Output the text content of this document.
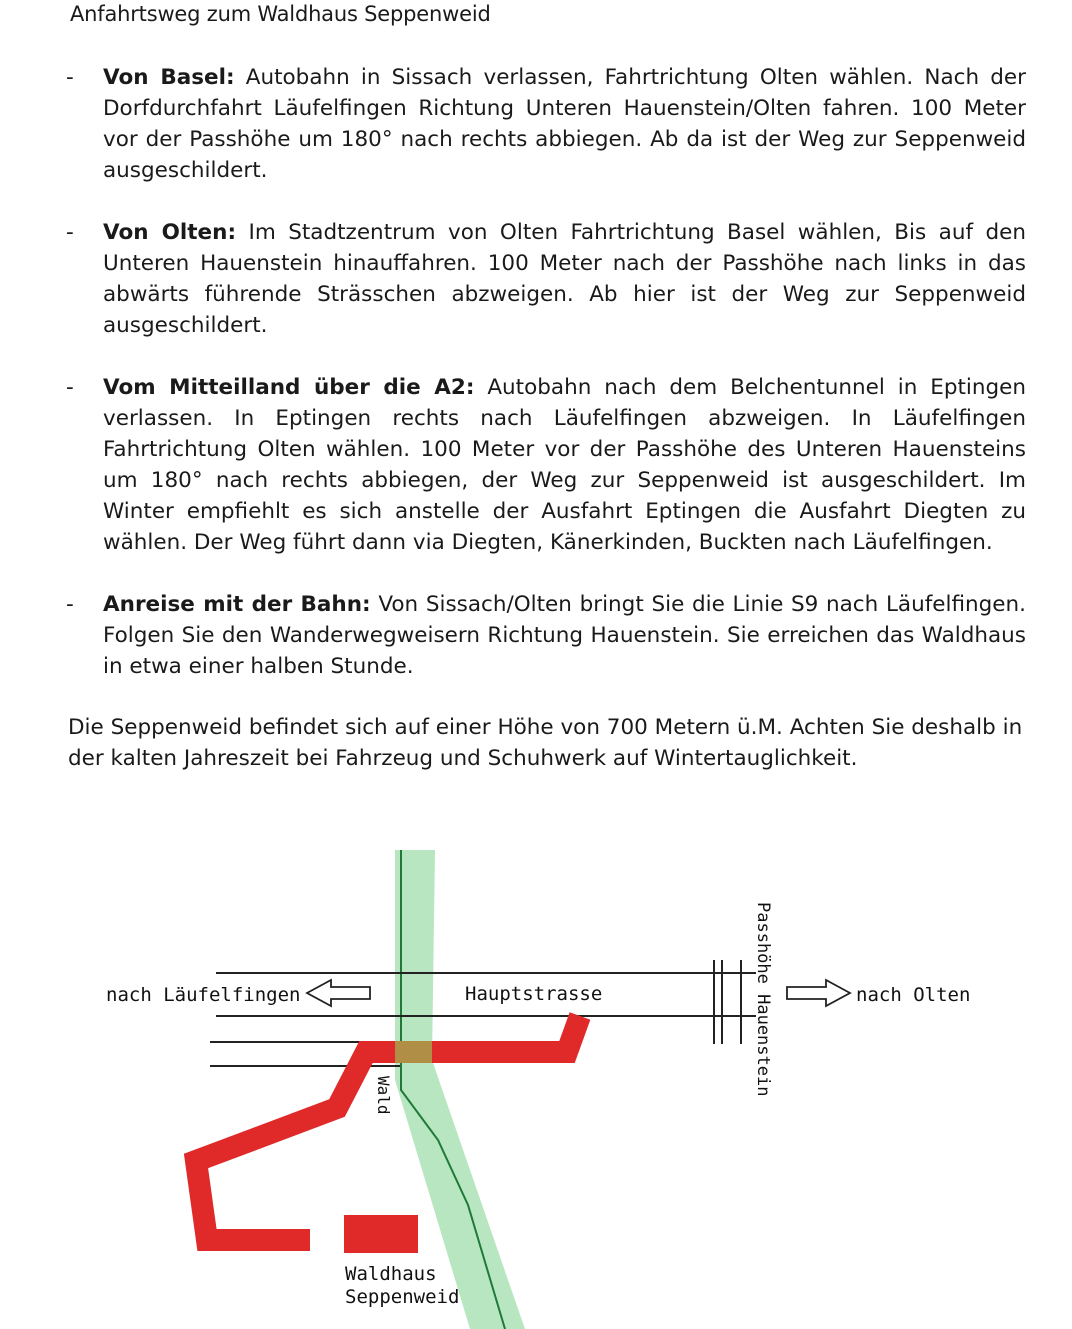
Anfahrtsweg zum Waldhaus Seppenweid
- Von Basel: Autobahn in Sissach verlassen, Fahrtrichtung Olten wählen. Nach der Dorfdurchfahrt Läufelfingen Richtung Unteren Hauenstein/Olten fahren. 100 Meter vor der Passhöhe um 180° nach rechts abbiegen. Ab da ist der Weg zur Seppenweid ausgeschildert.
- Von Olten: Im Stadtzentrum von Olten Fahrtrichtung Basel wählen, Bis auf den Unteren Hauenstein hinauffahren. 100 Meter nach der Passhöhe nach links in das abwärts führende Strässchen abzweigen. Ab hier ist der Weg zur Seppenweid ausgeschildert.
- Vom Mitteilland über die A2: Autobahn nach dem Belchentunnel in Eptingen verlassen. In Eptingen rechts nach Läufelfingen abzweigen. In Läufelfingen Fahrtrichtung Olten wählen. 100 Meter vor der Passhöhe des Unteren Hauensteins um 180° nach rechts abbiegen, der Weg zur Seppenweid ist ausgeschildert. Im Winter empfiehlt es sich anstelle der Ausfahrt Eptingen die Ausfahrt Diegten zu wählen. Der Weg führt dann via Diegten, Känerkinden, Buckten nach Läufelfingen.
- Anreise mit der Bahn: Von Sissach/Olten bringt Sie die Linie S9 nach Läufelfingen. Folgen Sie den Wanderwegweisern Richtung Hauenstein. Sie erreichen das Waldhaus in etwa einer halben Stunde.
Die Seppenweid befindet sich auf einer Höhe von 700 Metern ü.M. Achten Sie deshalb in der kalten Jahreszeit bei Fahrzeug und Schuhwerk auf Wintertauglichkeit.
nach Läufelfingen	Hauptstrasse	nach Olten
Passhöhe Hauenstein
Wald
Waldhaus
Seppenweid
